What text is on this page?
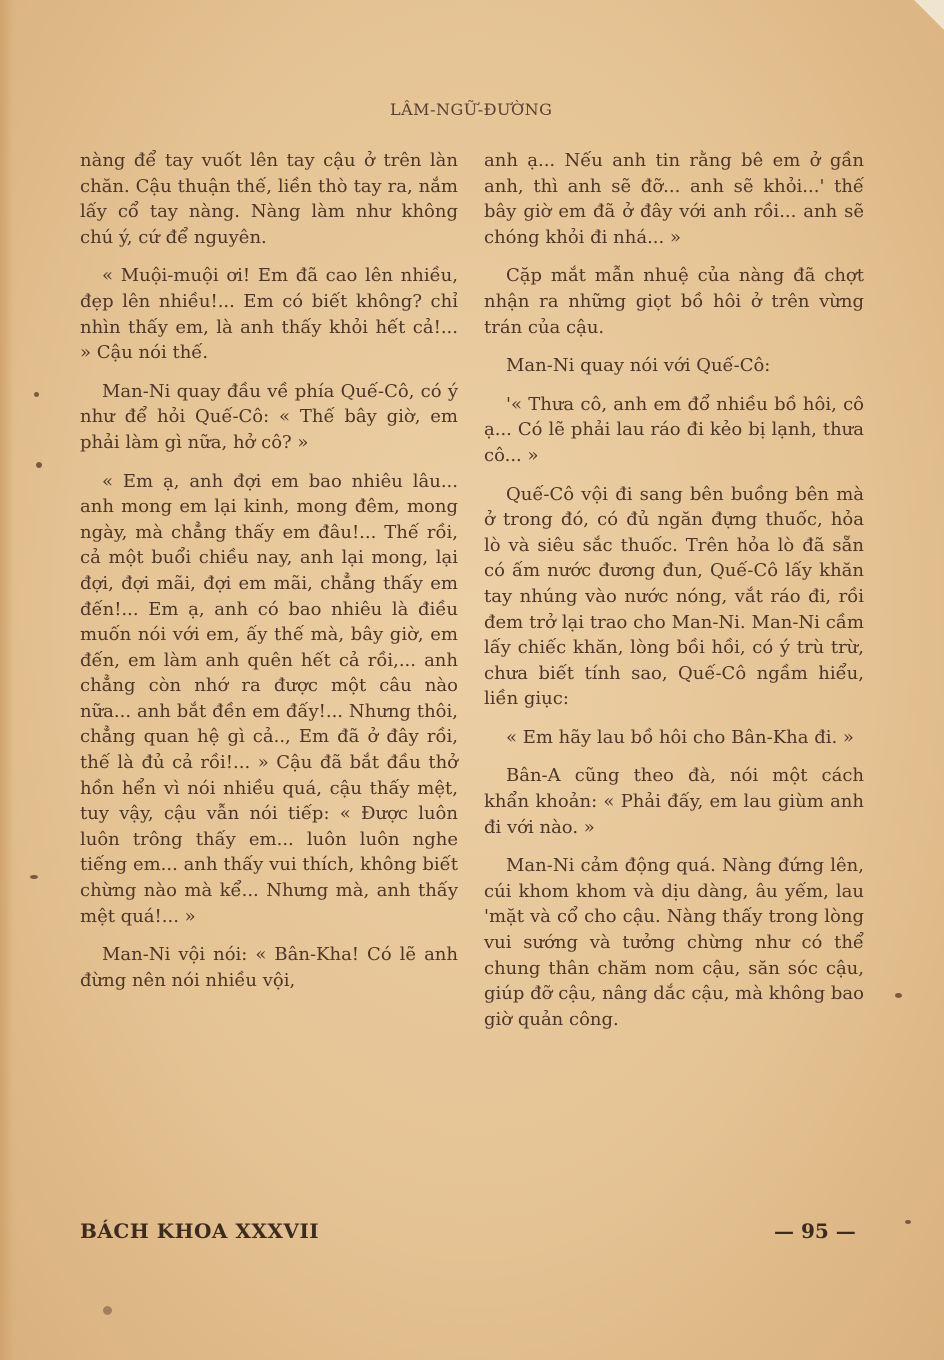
LÂM-NGỮ-ĐƯỜNG

nàng để tay vuốt lên tay cậu ở trên làn chăn. Cậu thuận thế, liền thò tay ra, nắm lấy cổ tay nàng. Nàng làm như không chú ý, cứ để nguyên.

« Muội-muội ơi! Em đã cao lên nhiều, đẹp lên nhiều!... Em có biết không? chỉ nhìn thấy em, là anh thấy khỏi hết cả!... » Cậu nói thế.

Man-Ni quay đầu về phía Quế-Cô, có ý như để hỏi Quế-Cô: « Thế bây giờ, em phải làm gì nữa, hở cô? »

« Em ạ, anh đợi em bao nhiêu lâu... anh mong em lại kinh, mong đêm, mong ngày, mà chẳng thấy em đâu!... Thế rồi, cả một buổi chiều nay, anh lại mong, lại đợi, đợi mãi, đợi em mãi, chẳng thấy em đến!... Em ạ, anh có bao nhiêu là điều muốn nói với em, ấy thế mà, bây giờ, em đến, em làm anh quên hết cả rồi,... anh chẳng còn nhớ ra được một câu nào nữa... anh bắt đền em đấy!... Nhưng thôi, chẳng quan hệ gì cả.., Em đã ở đây rồi, thế là đủ cả rồi!... » Cậu đã bắt đầu thở hồn hển vì nói nhiều quá, cậu thấy mệt, tuy vậy, cậu vẫn nói tiếp: « Được luôn luôn trông thấy em... luôn luôn nghe tiếng em... anh thấy vui thích, không biết chừng nào mà kể... Nhưng mà, anh thấy mệt quá!... »

Man-Ni vội nói: « Bân-Kha! Có lẽ anh đừng nên nói nhiều vội,

anh ạ... Nếu anh tin rằng bê em ở gần anh, thì anh sẽ đỡ... anh sẽ khỏi...' thế bây giờ em đã ở đây với anh rồi... anh sẽ chóng khỏi đi nhá... »

Cặp mắt mẫn nhuệ của nàng đã chợt nhận ra những giọt bồ hôi ở trên vừng trán của cậu.

Man-Ni quay nói với Quế-Cô:

'« Thưa cô, anh em đổ nhiều bồ hôi, cô ạ... Có lẽ phải lau ráo đi kẻo bị lạnh, thưa cô... »

Quế-Cô vội đi sang bên buồng bên mà ở trong đó, có đủ ngăn đựng thuốc, hỏa lò và siêu sắc thuốc. Trên hỏa lò đã sẵn có ấm nước đương đun, Quế-Cô lấy khăn tay nhúng vào nước nóng, vắt ráo đi, rồi đem trở lại trao cho Man-Ni. Man-Ni cầm lấy chiếc khăn, lòng bồi hồi, có ý trù trừ, chưa biết tính sao, Quế-Cô ngầm hiểu, liền giục:

« Em hãy lau bồ hôi cho Bân-Kha đi. »

Bân-A cũng theo đà, nói một cách khẩn khoản: « Phải đấy, em lau giùm anh đi với nào. »

Man-Ni cảm động quá. Nàng đứng lên, cúi khom khom và dịu dàng, âu yếm, lau 'mặt và cổ cho cậu. Nàng thấy trong lòng vui sướng và tưởng chừng như có thể chung thân chăm nom cậu, săn sóc cậu, giúp đỡ cậu, nâng dắc cậu, mà không bao giờ quản công.

BÁCH KHOA XXXVII	— 95 —
